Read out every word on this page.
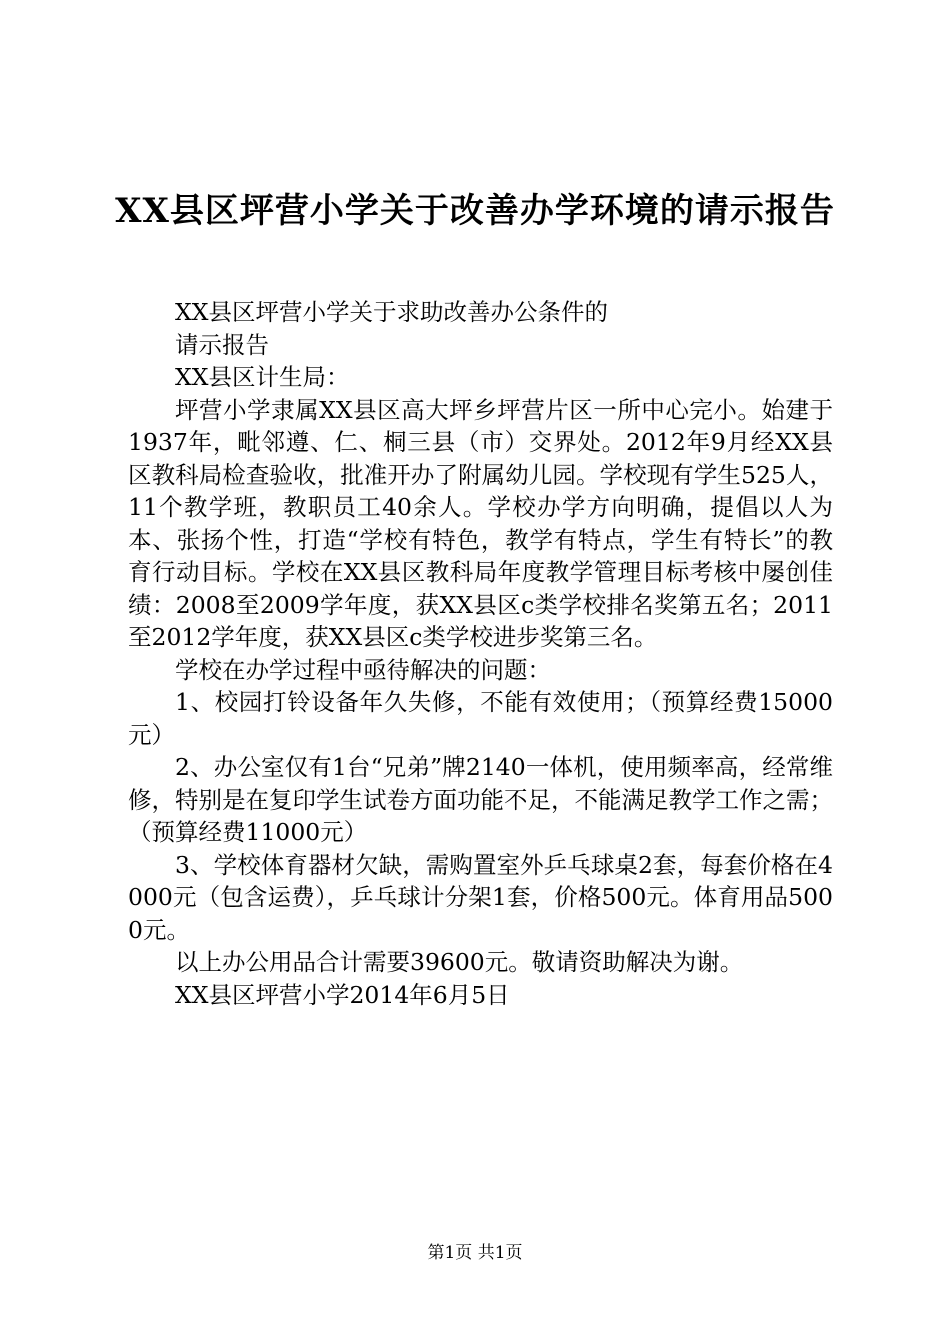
XX县区坪营小学关于改善办学环境的请示报告

XX县区坪营小学关于求助改善办公条件的

请示报告

XX县区计生局：

坪营小学隶属XX县区高大坪乡坪营片区一所中心完小。始建于1937年，毗邻遵、仁、桐三县（市）交界处。2012年9月经XX县区教科局检查验收，批准开办了附属幼儿园。学校现有学生525人，11个教学班，教职员工40余人。学校办学方向明确，提倡以人为本、张扬个性，打造“学校有特色，教学有特点，学生有特长”的教育行动目标。学校在XX县区教科局年度教学管理目标考核中屡创佳绩：2008至2009学年度，获XX县区c类学校排名奖第五名；2011至2012学年度，获XX县区c类学校进步奖第三名。

学校在办学过程中亟待解决的问题：

1、校园打铃设备年久失修，不能有效使用；（预算经费15000元）

2、办公室仅有1台“兄弟”牌2140一体机，使用频率高，经常维修，特别是在复印学生试卷方面功能不足，不能满足教学工作之需；（预算经费11000元）

3、学校体育器材欠缺，需购置室外乒乓球桌2套，每套价格在4000元（包含运费），乒乓球计分架1套，价格500元。体育用品5000元。

以上办公用品合计需要39600元。敬请资助解决为谢。

XX县区坪营小学2014年6月5日

第1页 共1页
